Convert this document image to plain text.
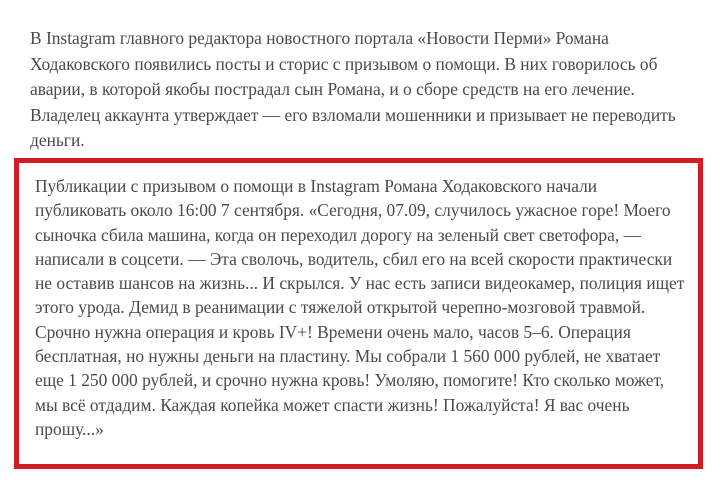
В Instagram главного редактора новостного портала «Новости Перми» Романа Ходаковского появились посты и сторис с призывом о помощи. В них говорилось об аварии, в которой якобы пострадал сын Романа, и о сборе средств на его лечение. Владелец аккаунта утверждает — его взломали мошенники и призывает не переводить деньги.

Публикации с призывом о помощи в Instagram Романа Ходаковского начали публиковать около 16:00 7 сентября. «Сегодня, 07.09, случилось ужасное горе! Моего сыночка сбила машина, когда он переходил дорогу на зеленый свет светофора, — написали в соцсети. — Эта сволочь, водитель, сбил его на всей скорости практически не оставив шансов на жизнь... И скрылся. У нас есть записи видеокамер, полиция ищет этого урода. Демид в реанимации с тяжелой открытой черепно-мозговой травмой. Срочно нужна операция и кровь IV+! Времени очень мало, часов 5–6. Операция бесплатная, но нужны деньги на пластину. Мы собрали 1 560 000 рублей, не хватает еще 1 250 000 рублей, и срочно нужна кровь! Умоляю, помогите! Кто сколько может, мы всё отдадим. Каждая копейка может спасти жизнь! Пожалуйста! Я вас очень прошу...»
